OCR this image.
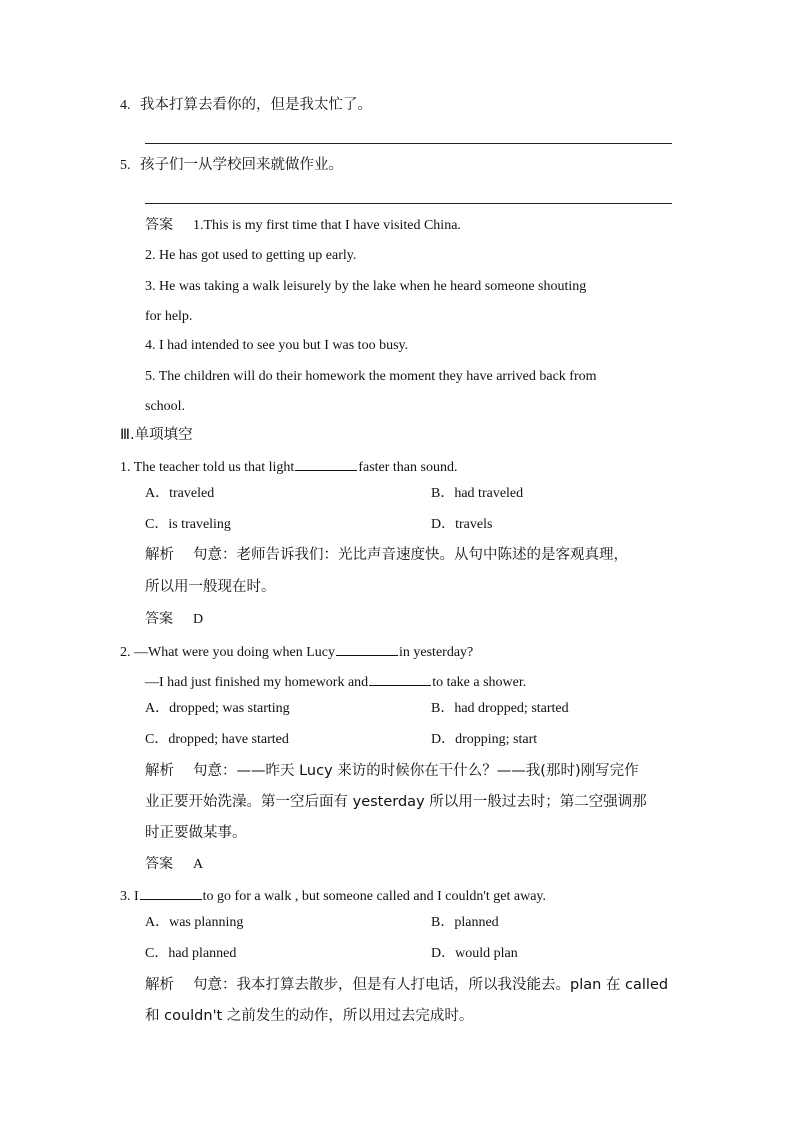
4. 我本打算去看你的，但是我太忙了。
5. 孩子们一从学校回来就做作业。
答案 1.This is my first time that I have visited China.
2. He has got used to getting up early.
3. He was taking a walk leisurely by the lake when he heard someone shouting
for help.
4. I had intended to see you but I was too busy.
5. The children will do their homework the moment they have arrived back from
school.
Ⅲ.单项填空
1. The teacher told us that light	faster than sound.
A．traveled	B．had traveled
C．is traveling	D．travels
解析 句意：老师告诉我们：光比声音速度快。从句中陈述的是客观真理，
所以用一般现在时。
答案 D
2. —What were you doing when Lucy	in yesterday?
—I had just finished my homework and	to take a shower.
A．dropped; was starting	B．had dropped; started
C．dropped; have started	D．dropping; start
解析 句意：——昨天 Lucy 来访的时候你在干什么？——我(那时)刚写完作
业正要开始洗澡。第一空后面有 yesterday 所以用一般过去时；第二空强调那
时正要做某事。
答案 A
3. I	to go for a walk , but someone called and I couldn't get away.
A．was planning	B．planned
C．had planned	D．would plan
解析 句意：我本打算去散步，但是有人打电话，所以我没能去。plan 在 called
和 couldn't 之前发生的动作，所以用过去完成时。
